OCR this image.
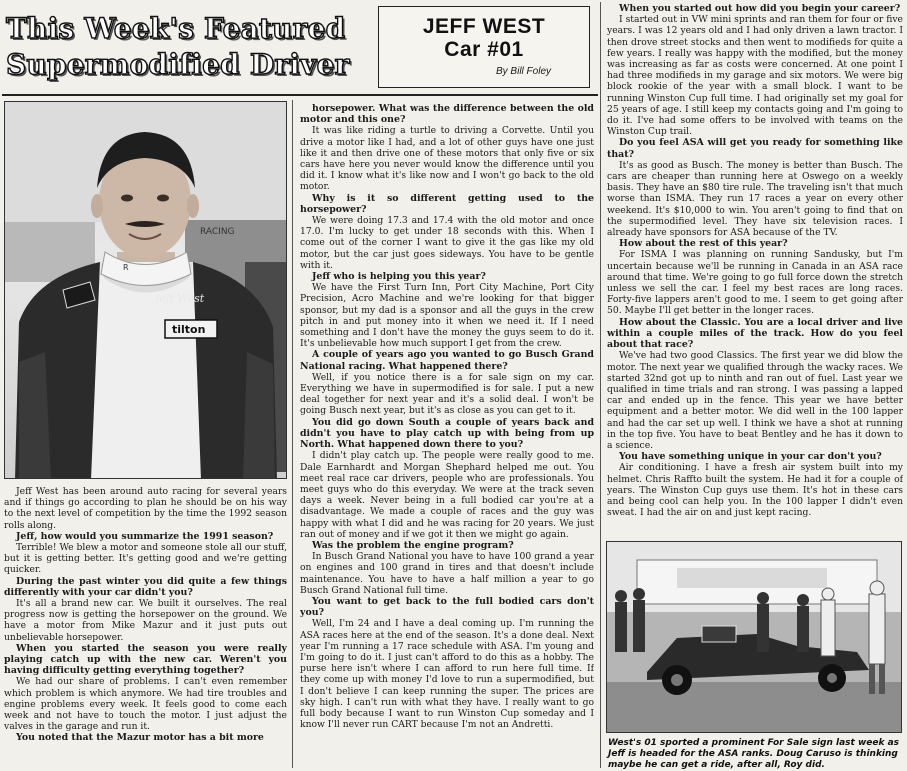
This Week's Featured
Supermodified Driver
JEFF WEST
Car #01
By Bill Foley
RACING
R
Jeff West
tilton

Jeff West has been around auto racing for several years and if things go according to plan he should be on his way to the next level of competition by the time the 1992 season rolls along.

Jeff, how would you summarize the 1991 season?

Terrible! We blew a motor and someone stole all our stuff, but it is getting better. It's getting good and we're getting quicker.

During the past winter you did quite a few things differently with your car didn't you?

It's all a brand new car. We built it ourselves. The real progress now is getting the horsepower on the ground. We have a motor from Mike Mazur and it just puts out unbelievable horsepower.

When you started the season you were really playing catch up with the new car. Weren't you having difficulty getting everything together?

We had our share of problems. I can't even remember which problem is which anymore. We had tire troubles and engine problems every week. It feels good to come each week and not have to touch the motor. I just adjust the valves in the garage and run it.

You noted that the Mazur motor has a bit more

horsepower. What was the difference between the old motor and this one?

It was like riding a turtle to driving a Corvette. Until you drive a motor like I had, and a lot of other guys have one just like it and then drive one of these motors that only five or six cars have here you never would know the difference until you did it. I know what it's like now and I won't go back to the old motor.

Why is it so different getting used to the horsepower?

We were doing 17.3 and 17.4 with the old motor and once 17.0. I'm lucky to get under 18 seconds with this. When I come out of the corner I want to give it the gas like my old motor, but the car just goes sideways. You have to be gentle with it.

Jeff who is helping you this year?

We have the First Turn Inn, Port City Machine, Port City Precision, Acro Machine and we're looking for that bigger sponsor, but my dad is a sponsor and all the guys in the crew pitch in and put money into it when we need it. If I need something and I don't have the money the guys seem to do it. It's unbelievable how much support I get from the crew.

A couple of years ago you wanted to go Busch Grand National racing. What happened there?

Well, if you notice there is a for sale sign on my car. Everything we have in supermodified is for sale. I put a new deal together for next year and it's a solid deal. I won't be going Busch next year, but it's as close as you can get to it.

You did go down South a couple of years back and didn't you have to play catch up with being from up North. What happened down there to you?

I didn't play catch up. The people were really good to me. Dale Earnhardt and Morgan Shephard helped me out. You meet real race car drivers, people who are professionals. You meet guys who do this everyday. We were at the track seven days a week. Never being in a full bodied car you're at a disadvantage. We made a couple of races and the guy was happy with what I did and he was racing for 20 years. We just ran out of money and if we got it then we might go again.

Was the problem the engine program?

In Busch Grand National you have to have 100 grand a year on engines and 100 grand in tires and that doesn't include maintenance. You have to have a half million a year to go Busch Grand National full time.

You want to get back to the full bodied cars don't you?

Well, I'm 24 and I have a deal coming up. I'm running the ASA races here at the end of the season. It's a done deal. Next year I'm running a 17 race schedule with ASA. I'm young and I'm going to do it. I just can't afford to do this as a hobby. The purse here isn't where I can afford to run here full time. If they come up with money I'd love to run a supermodified, but I don't believe I can keep running the super. The prices are sky high. I can't run with what they have. I really want to go full body because I want to run Winston Cup someday and I know I'll never run CART because I'm not an Andretti.

When you started out how did you begin your career?

I started out in VW mini sprints and ran them for four or five years. I was 12 years old and I had only driven a lawn tractor. I then drove street stocks and then went to modifieds for quite a few years. I really was happy with the modified, but the money was increasing as far as costs were concerned. At one point I had three modifieds in my garage and six motors. We were big block rookie of the year with a small block. I want to be running Winston Cup full time. I had originally set my goal for 25 years of age. I still keep my contacts going and I'm going to do it. I've had some offers to be involved with teams on the Winston Cup trail.

Do you feel ASA will get you ready for something like that?

It's as good as Busch. The money is better than Busch. The cars are cheaper than running here at Oswego on a weekly basis. They have an $80 tire rule. The traveling isn't that much worse than ISMA. They run 17 races a year on every other weekend. It's $10,000 to win. You aren't going to find that on the supermodified level. They have six television races. I already have sponsors for ASA because of the TV.

How about the rest of this year?

For ISMA I was planning on running Sandusky, but I'm uncertain because we'll be running in Canada in an ASA race around that time. We're going to go full force down the stretch unless we sell the car. I feel my best races are long races. Forty-five lappers aren't good to me. I seem to get going after 50. Maybe I'll get better in the longer races.

How about the Classic. You are a local driver and live within a couple miles of the track. How do you feel about that race?

We've had two good Classics. The first year we did blow the motor. The next year we qualified through the wacky races. We started 32nd got up to ninth and ran out of fuel. Last year we qualified in time trials and ran strong. I was passing a lapped car and ended up in the fence. This year we have better equipment and a better motor. We did well in the 100 lapper and had the car set up well. I think we have a shot at running in the top five. You have to beat Bentley and he has it down to a science.

You have something unique in your car don't you?

Air conditioning. I have a fresh air system built into my helmet. Chris Raffto built the system. He had it for a couple of years. The Winston Cup guys use them. It's hot in these cars and being cool can help you. In the 100 lapper I didn't even sweat. I had the air on and just kept racing.

West's 01 sported a prominent For Sale sign last week as Jeff is headed for the ASA ranks. Doug Caruso is thinking maybe he can get a ride, after all, Roy did.
